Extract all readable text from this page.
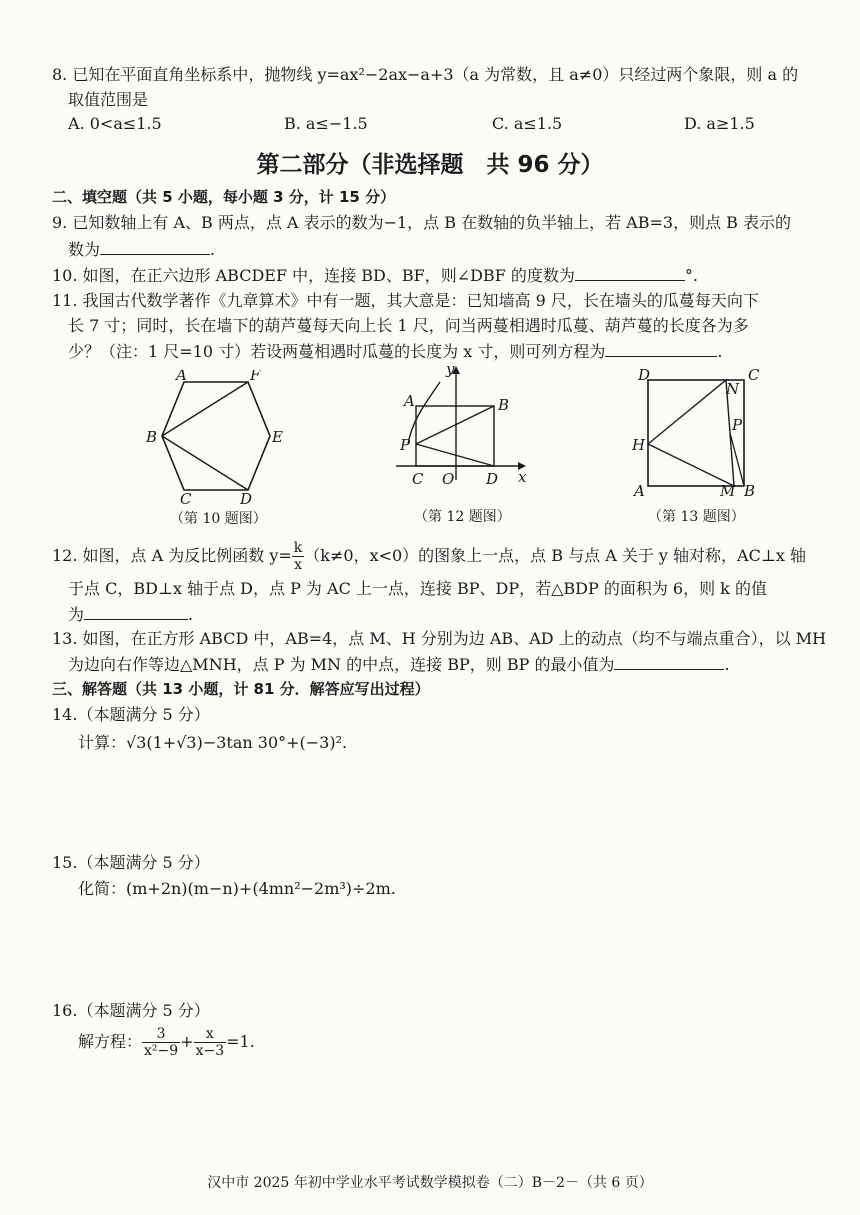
8. 已知在平面直角坐标系中，抛物线 y=ax²−2ax−a+3（a 为常数，且 a≠0）只经过两个象限，则 a 的
取值范围是
A. 0<a≤1.5	B. a≤−1.5	C. a≤1.5	D. a≥1.5
第二部分（非选择题　共 96 分）
二、填空题（共 5 小题，每小题 3 分，计 15 分）
9. 已知数轴上有 A、B 两点，点 A 表示的数为−1，点 B 在数轴的负半轴上，若 AB=3，则点 B 表示的
数为	.
10. 如图，在正六边形 ABCDEF 中，连接 BD、BF，则∠DBF 的度数为	°.
11. 我国古代数学著作《九章算术》中有一题，其大意是：已知墙高 9 尺，长在墙头的瓜蔓每天向下
长 7 寸；同时，长在墙下的葫芦蔓每天向上长 1 尺，问当两蔓相遇时瓜蔓、葫芦蔓的长度各为多
少？（注：1 尺=10 寸）若设两蔓相遇时瓜蔓的长度为 x 寸，则可列方程为	.
A	F
B	E
C	D
（第 10 题图）
y
A	B
P
C O D x
（第 12 题图）
D
N
C
P
H
A	M B
（第 13 题图）
12. 如图，点 A 为反比例函数 $y= \frac{k}{x} (k\ne 0$，x<0）的图象上一点，点 B 与点 A 关于 y 轴对称，AC⊥x 轴
于点 C，BD⊥x 轴于点 D，点 P 为 AC 上一点，连接 BP、DP，若△BDP 的面积为 6，则 k 的值
为	.
13. 如图，在正方形 ABCD 中，AB=4，点 M、H 分别为边 AB、AD 上的动点（均不与端点重合），以 MH
为边向右作等边△MNH，点 P 为 MN 的中点，连接 BP，则 BP 的最小值为	.
三、解答题（共 13 小题，计 81 分．解答应写出过程）
14.（本题满分 5 分）
计算：√3(1+√3)−3tan 30°+(−3)².
15.（本题满分 5 分）
化简：(m+2n)(m−n)+(4mn²−2m³)÷2m.
16.（本题满分 5 分）
解方程： $\frac{3}{\text{x²−9}} + \frac{x}{x-3} =1$.
汉中市 2025 年初中学业水平考试数学模拟卷（二）B－2－（共 6 页）
